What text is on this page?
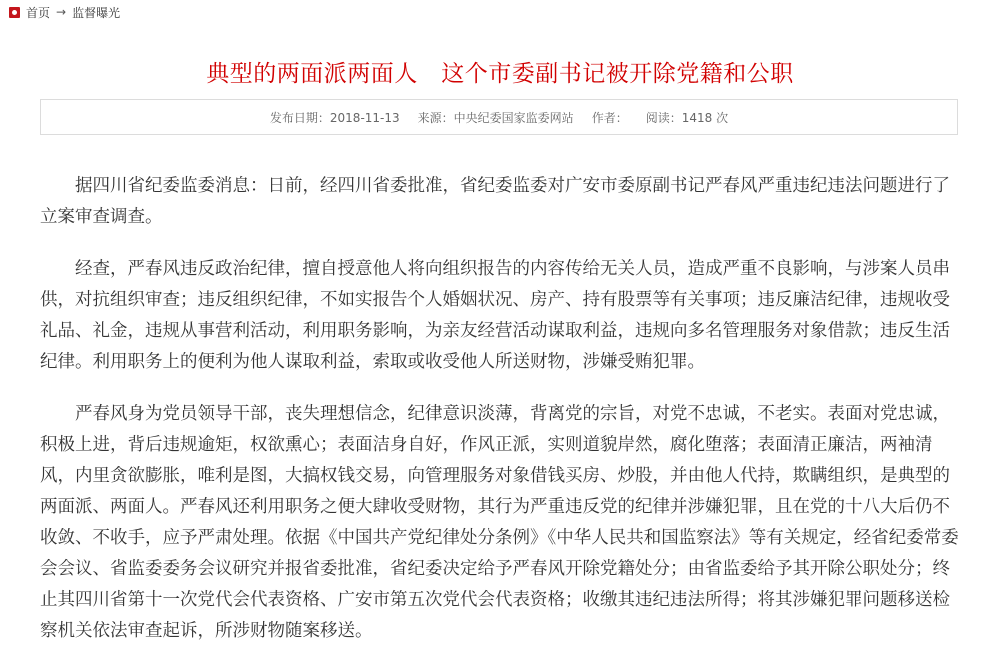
首页 → 监督曝光
典型的两面派两面人　这个市委副书记被开除党籍和公职
发布日期：2018-11-13 来源：中央纪委国家监委网站 作者： 阅读：1418 次

据四川省纪委监委消息：日前，经四川省委批准，省纪委监委对广安市委原副书记严春风严重违纪违法问题进行了立案审查调查。

经查，严春风违反政治纪律，擅自授意他人将向组织报告的内容传给无关人员，造成严重不良影响，与涉案人员串供，对抗组织审查；违反组织纪律，不如实报告个人婚姻状况、房产、持有股票等有关事项；违反廉洁纪律，违规收受礼品、礼金，违规从事营利活动，利用职务影响，为亲友经营活动谋取利益，违规向多名管理服务对象借款；违反生活纪律。利用职务上的便利为他人谋取利益，索取或收受他人所送财物，涉嫌受贿犯罪。

严春风身为党员领导干部，丧失理想信念，纪律意识淡薄，背离党的宗旨，对党不忠诚，不老实。表面对党忠诚，积极上进，背后违规逾矩，权欲熏心；表面洁身自好，作风正派，实则道貌岸然，腐化堕落；表面清正廉洁，两袖清风，内里贪欲膨胀，唯利是图，大搞权钱交易，向管理服务对象借钱买房、炒股，并由他人代持，欺瞒组织，是典型的两面派、两面人。严春风还利用职务之便大肆收受财物，其行为严重违反党的纪律并涉嫌犯罪，且在党的十八大后仍不收敛、不收手，应予严肃处理。依据《中国共产党纪律处分条例》《中华人民共和国监察法》等有关规定，经省纪委常委会会议、省监委委务会议研究并报省委批准，省纪委决定给予严春风开除党籍处分；由省监委给予其开除公职处分；终止其四川省第十一次党代会代表资格、广安市第五次党代会代表资格；收缴其违纪违法所得；将其涉嫌犯罪问题移送检察机关依法审查起诉，所涉财物随案移送。
